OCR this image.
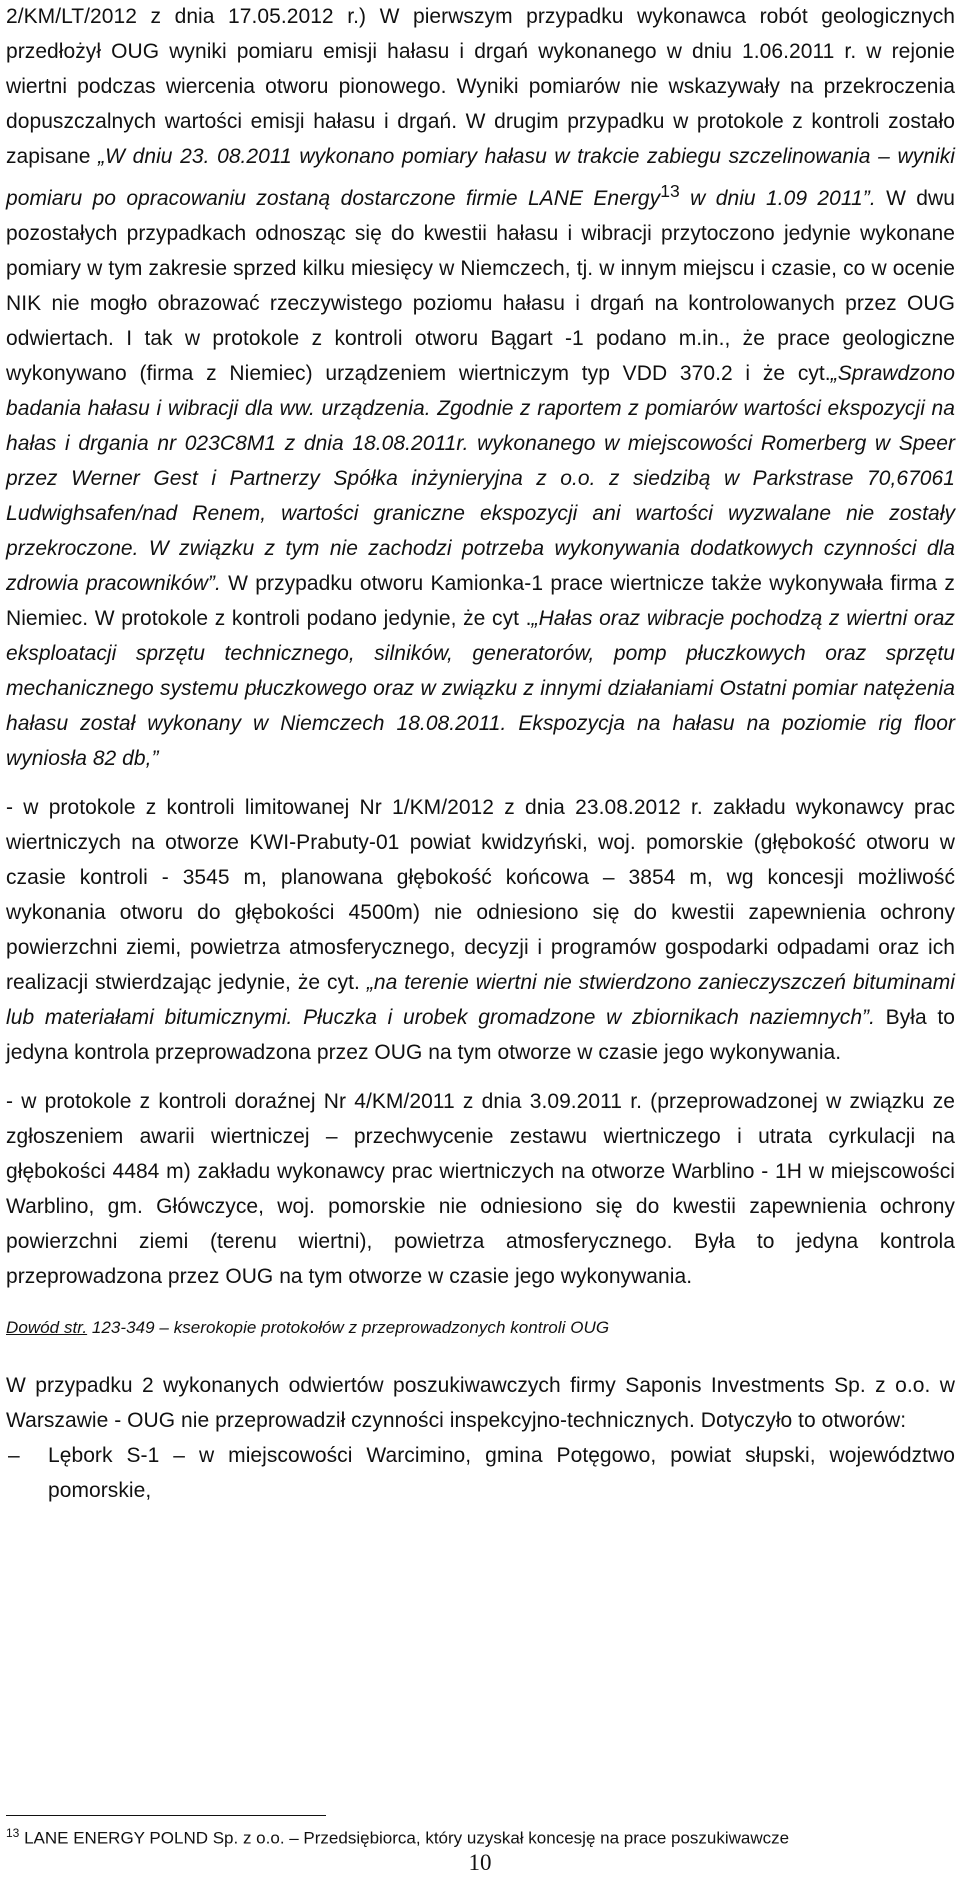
2/KM/LT/2012 z dnia 17.05.2012 r.) W pierwszym przypadku wykonawca robót geologicznych przedłożył OUG wyniki pomiaru emisji hałasu i drgań wykonanego w dniu 1.06.2011 r. w rejonie wiertni podczas wiercenia otworu pionowego. Wyniki pomiarów nie wskazywały na przekroczenia dopuszczalnych wartości emisji hałasu i drgań. W drugim przypadku w protokole z kontroli zostało zapisane „W dniu 23. 08.2011 wykonano pomiary hałasu w trakcie zabiegu szczelinowania – wyniki pomiaru po opracowaniu zostaną dostarczone firmie LANE Energy$^{13}$ w dniu 1.09 2011”. W dwu pozostałych przypadkach odnosząc się do kwestii hałasu i wibracji przytoczono jedynie wykonane pomiary w tym zakresie sprzed kilku miesięcy w Niemczech, tj. w innym miejscu i czasie, co w ocenie NIK nie mogło obrazować rzeczywistego poziomu hałasu i drgań na kontrolowanych przez OUG odwiertach. I tak w protokole z kontroli otworu Bągart -1 podano m.in., że prace geologiczne wykonywano (firma z Niemiec) urządzeniem wiertniczym typ VDD 370.2 i że cyt.„Sprawdzono badania hałasu i wibracji dla ww. urządzenia. Zgodnie z raportem z pomiarów wartości ekspozycji na hałas i drgania nr 023C8M1 z dnia 18.08.2011r. wykonanego w miejscowości Romerberg w Speer przez Werner Gest i Partnerzy Spółka inżynieryjna z o.o. z siedzibą w Parkstrase 70,67061 Ludwighsafen/nad Renem, wartości graniczne ekspozycji ani wartości wyzwalane nie zostały przekroczone. W związku z tym nie zachodzi potrzeba wykonywania dodatkowych czynności dla zdrowia pracowników”. W przypadku otworu Kamionka-1 prace wiertnicze także wykonywała firma z Niemiec. W protokole z kontroli podano jedynie, że cyt .„Hałas oraz wibracje pochodzą z wiertni oraz eksploatacji sprzętu technicznego, silników, generatorów, pomp płuczkowych oraz sprzętu mechanicznego systemu płuczkowego oraz w związku z innymi działaniami Ostatni pomiar natężenia hałasu został wykonany w Niemczech 18.08.2011. Ekspozycja na hałasu na poziomie rig floor wyniosła 82 db,”

- w protokole z kontroli limitowanej Nr 1/KM/2012 z dnia 23.08.2012 r. zakładu wykonawcy prac wiertniczych na otworze KWI-Prabuty-01 powiat kwidzyński, woj. pomorskie (głębokość otworu w czasie kontroli - 3545 m, planowana głębokość końcowa – 3854 m, wg koncesji możliwość wykonania otworu do głębokości 4500m) nie odniesiono się do kwestii zapewnienia ochrony powierzchni ziemi, powietrza atmosferycznego, decyzji i programów gospodarki odpadami oraz ich realizacji stwierdzając jedynie, że cyt. „na terenie wiertni nie stwierdzono zanieczyszczeń bituminami lub materiałami bitumicznymi. Płuczka i urobek gromadzone w zbiornikach naziemnych”. Była to jedyna kontrola przeprowadzona przez OUG na tym otworze w czasie jego wykonywania.

- w protokole z kontroli doraźnej Nr 4/KM/2011 z dnia 3.09.2011 r. (przeprowadzonej w związku ze zgłoszeniem awarii wiertniczej – przechwycenie zestawu wiertniczego i utrata cyrkulacji na głębokości 4484 m) zakładu wykonawcy prac wiertniczych na otworze Warblino - 1H w miejscowości Warblino, gm. Główczyce, woj. pomorskie nie odniesiono się do kwestii zapewnienia ochrony powierzchni ziemi (terenu wiertni), powietrza atmosferycznego. Była to jedyna kontrola przeprowadzona przez OUG na tym otworze w czasie jego wykonywania.

Dowód str. 123-349 – kserokopie protokołów z przeprowadzonych kontroli OUG

W przypadku 2 wykonanych odwiertów poszukiwawczych firmy Saponis Investments Sp. z o.o. w Warszawie - OUG nie przeprowadził czynności inspekcyjno-technicznych. Dotyczyło to otworów:

–	Lębork S-1 – w miejscowości Warcimino, gmina Potęgowo, powiat słupski, województwo pomorskie,
$^{13}$ LANE ENERGY POLND Sp. z o.o. – Przedsiębiorca, który uzyskał koncesję na prace poszukiwawcze
10
